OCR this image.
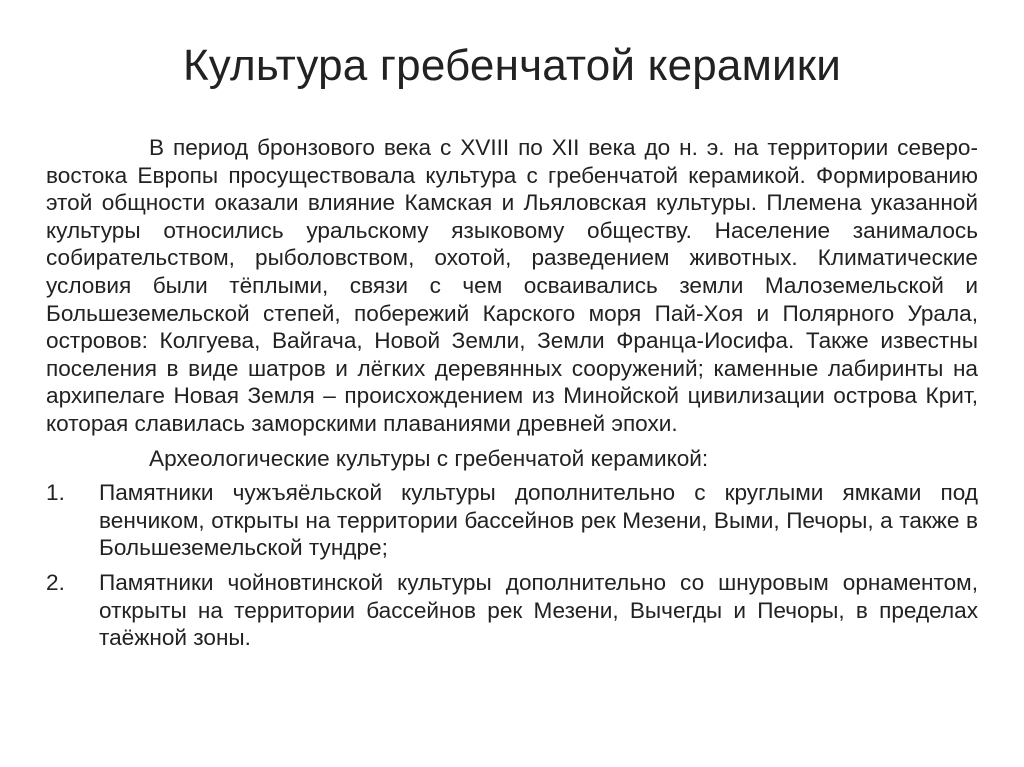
Культура гребенчатой керамики

В период бронзового века с XVIII по XII века до н. э. на территории северо-востока Европы просуществовала культура с гребенчатой керамикой. Формированию этой общности оказали влияние Камская и Льяловская культуры. Племена указанной культуры относились уральскому языковому обществу. Население занималось собирательством, рыболовством, охотой, разведением животных. Климатические условия были тёплыми, связи с чем осваивались земли Малоземельской и Большеземельской степей, побережий Карского моря Пай-Хоя и Полярного Урала, островов: Колгуева, Вайгача, Новой Земли, Земли Франца-Иосифа. Также известны поселения в виде шатров и лёгких деревянных сооружений; каменные лабиринты на архипелаге Новая Земля – происхождением из Минойской цивилизации острова Крит, которая славилась заморскими плаваниями древней эпохи.

Археологические культуры с гребенчатой керамикой:

1. Памятники чужъяёльской культуры дополнительно с круглыми ямками под венчиком, открыты на территории бассейнов рек Мезени, Выми, Печоры, а также в Большеземельской тундре;
2. Памятники чойновтинской культуры дополнительно со шнуровым орнаментом, открыты на территории бассейнов рек Мезени, Вычегды и Печоры, в пределах таёжной зоны.
